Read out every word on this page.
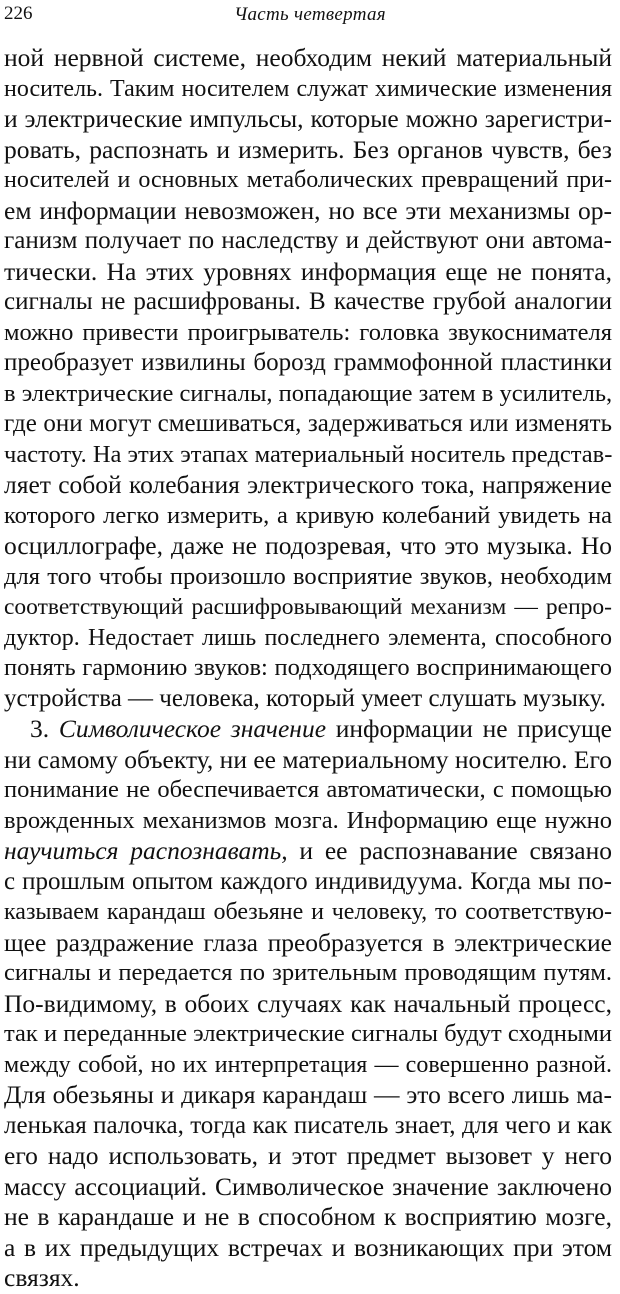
226	Часть четвертая
ной нервной системе, необходим некий материальный
носитель. Таким носителем служат химические изменения
и электрические импульсы, которые можно зарегистри-
ровать, распознать и измерить. Без органов чувств, без
носителей и основных метаболических превращений при-
ем информации невозможен, но все эти механизмы ор-
ганизм получает по наследству и действуют они автома-
тически. На этих уровнях информация еще не понята,
сигналы не расшифрованы. В качестве грубой аналогии
можно привести проигрыватель: головка звукоснимателя
преобразует извилины борозд граммофонной пластинки
в электрические сигналы, попадающие затем в усилитель,
где они могут смешиваться, задерживаться или изменять
частоту. На этих этапах материальный носитель представ-
ляет собой колебания электрического тока, напряжение
которого легко измерить, а кривую колебаний увидеть на
осциллографе, даже не подозревая, что это музыка. Но
для того чтобы произошло восприятие звуков, необходим
соответствующий расшифровывающий механизм — репро-
дуктор. Недостает лишь последнего элемента, способного
понять гармонию звуков: подходящего воспринимающего
устройства — человека, который умеет слушать музыку.
3. Символическое значение информации не присуще
ни самому объекту, ни ее материальному носителю. Его
понимание не обеспечивается автоматически, с помощью
врожденных механизмов мозга. Информацию еще нужно
научиться распознавать, и ее распознавание связано
с прошлым опытом каждого индивидуума. Когда мы по-
казываем карандаш обезьяне и человеку, то соответствую-
щее раздражение глаза преобразуется в электрические
сигналы и передается по зрительным проводящим путям.
По-видимому, в обоих случаях как начальный процесс,
так и переданные электрические сигналы будут сходными
между собой, но их интерпретация — совершенно разной.
Для обезьяны и дикаря карандаш — это всего лишь ма-
ленькая палочка, тогда как писатель знает, для чего и как
его надо использовать, и этот предмет вызовет у него
массу ассоциаций. Символическое значение заключено
не в карандаше и не в способном к восприятию мозге,
а в их предыдущих встречах и возникающих при этом
связях.
